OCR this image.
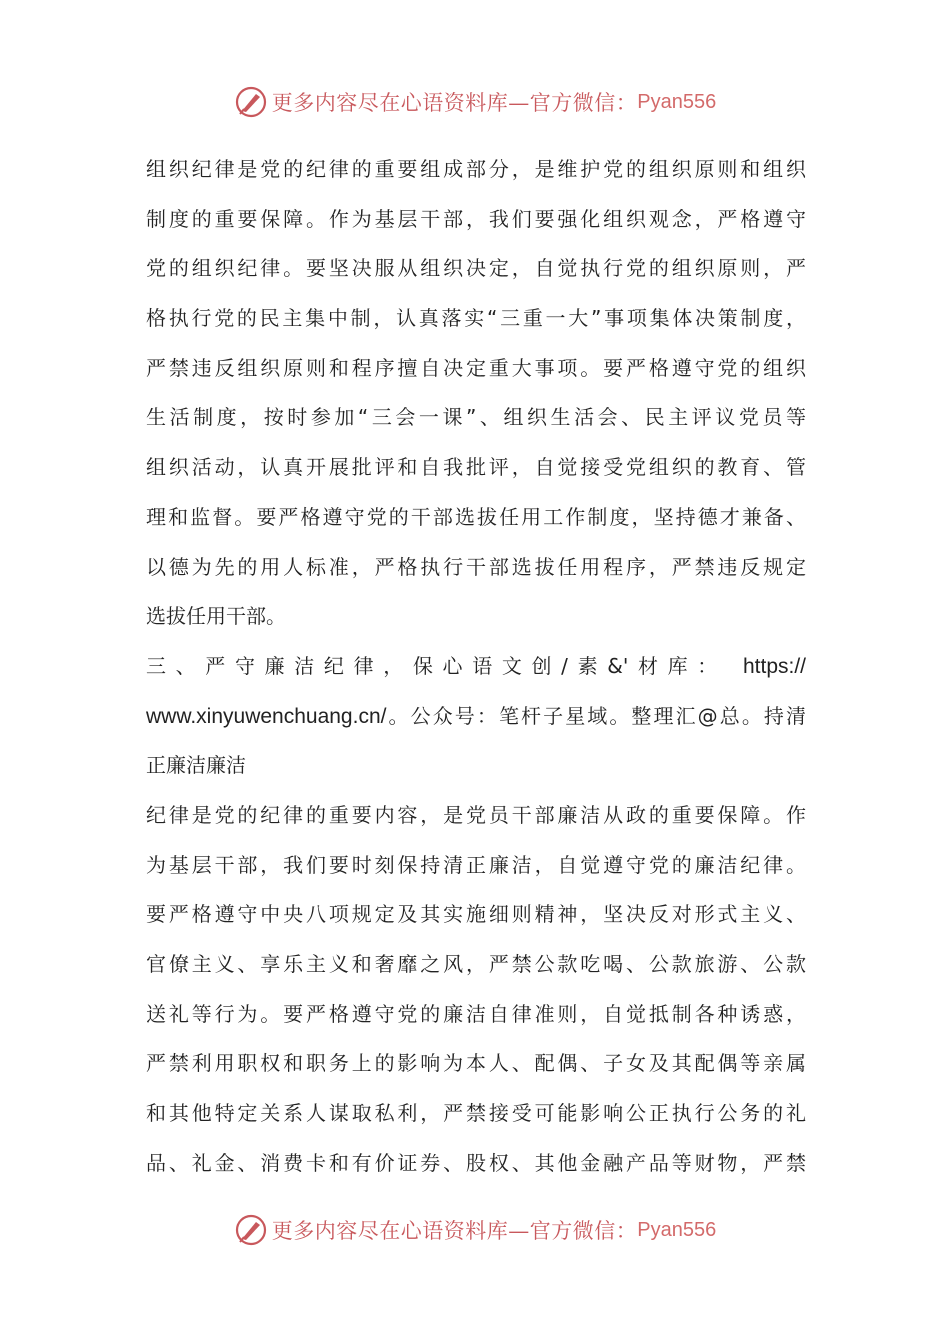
更多内容尽在心语资料库—官方微信： Pyan556
组织纪律是党的纪律的重要组成部分，是维护党的组织原则和组织
制度的重要保障。作为基层干部，我们要强化组织观念，严格遵守
党的组织纪律。要坚决服从组织决定，自觉执行党的组织原则，严
格执行党的民主集中制，认真落实“三重一大”事项集体决策制度，
严禁违反组织原则和程序擅自决定重大事项。要严格遵守党的组织
生活制度，按时参加“三会一课”、组织生活会、民主评议党员等
组织活动，认真开展批评和自我批评，自觉接受党组织的教育、管
理和监督。要严格遵守党的干部选拔任用工作制度，坚持德才兼备、
以德为先的用人标准，严格执行干部选拔任用程序，严禁违反规定
选拔任用干部。
三、严守廉洁纪律，保心语文创/素&'材库： https://
www.xinyuwenchuang.cn/。公众号：笔杆子星域。整理汇@总。持清
正廉洁廉洁
纪律是党的纪律的重要内容，是党员干部廉洁从政的重要保障。作
为基层干部，我们要时刻保持清正廉洁，自觉遵守党的廉洁纪律。
要严格遵守中央八项规定及其实施细则精神，坚决反对形式主义、
官僚主义、享乐主义和奢靡之风，严禁公款吃喝、公款旅游、公款
送礼等行为。要严格遵守党的廉洁自律准则，自觉抵制各种诱惑，
严禁利用职权和职务上的影响为本人、配偶、子女及其配偶等亲属
和其他特定关系人谋取私利，严禁接受可能影响公正执行公务的礼
品、礼金、消费卡和有价证券、股权、其他金融产品等财物，严禁
更多内容尽在心语资料库—官方微信： Pyan556
